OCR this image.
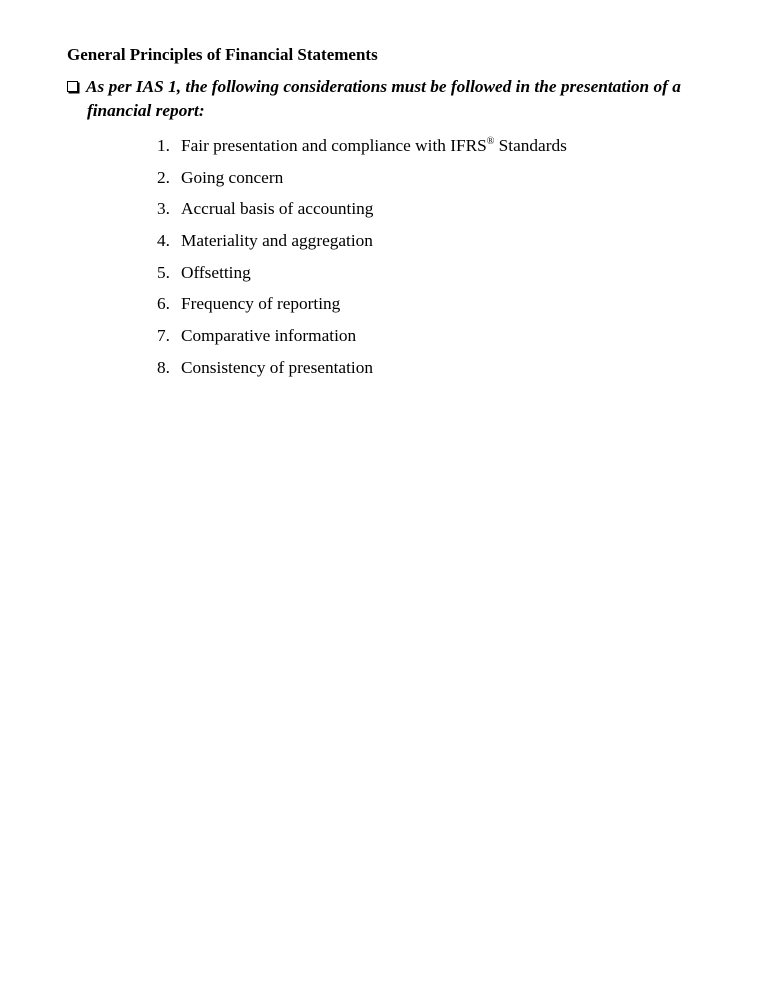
General Principles of Financial Statements
As per IAS 1, the following considerations must be followed in the presentation of a
financial report:
1. Fair presentation and compliance with IFRS® Standards
2. Going concern
3. Accrual basis of accounting
4. Materiality and aggregation
5. Offsetting
6. Frequency of reporting
7. Comparative information
8. Consistency of presentation
